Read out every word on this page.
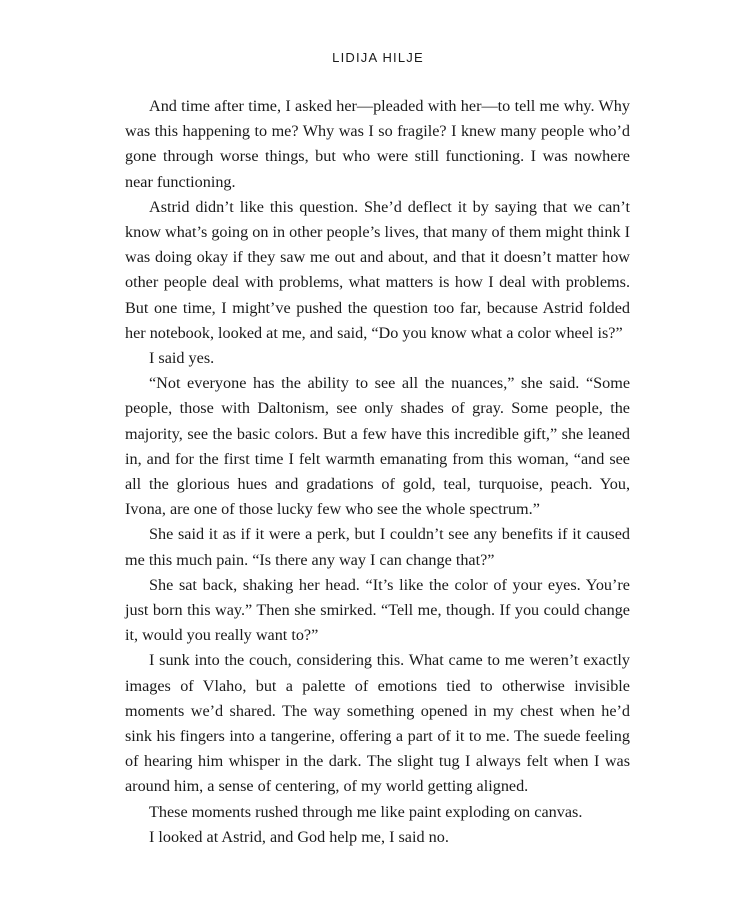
LIDIJA HILJE

And time after time, I asked her—pleaded with her—to tell me why. Why was this happening to me? Why was I so fragile? I knew many people who’d gone through worse things, but who were still functioning. I was nowhere near functioning.

Astrid didn’t like this question. She’d deflect it by saying that we can’t know what’s going on in other people’s lives, that many of them might think I was doing okay if they saw me out and about, and that it doesn’t matter how other people deal with problems, what matters is how I deal with problems. But one time, I might’ve pushed the question too far, because Astrid folded her notebook, looked at me, and said, “Do you know what a color wheel is?”

I said yes.

“Not everyone has the ability to see all the nuances,” she said. “Some people, those with Daltonism, see only shades of gray. Some people, the majority, see the basic colors. But a few have this incredible gift,” she leaned in, and for the first time I felt warmth emanating from this woman, “and see all the glorious hues and gradations of gold, teal, turquoise, peach. You, Ivona, are one of those lucky few who see the whole spectrum.”

She said it as if it were a perk, but I couldn’t see any benefits if it caused me this much pain. “Is there any way I can change that?”

She sat back, shaking her head. “It’s like the color of your eyes. You’re just born this way.” Then she smirked. “Tell me, though. If you could change it, would you really want to?”

I sunk into the couch, considering this. What came to me weren’t exactly images of Vlaho, but a palette of emotions tied to otherwise invisible moments we’d shared. The way something opened in my chest when he’d sink his fingers into a tangerine, offering a part of it to me. The suede feeling of hearing him whisper in the dark. The slight tug I always felt when I was around him, a sense of centering, of my world getting aligned.

These moments rushed through me like paint exploding on canvas.

I looked at Astrid, and God help me, I said no.
